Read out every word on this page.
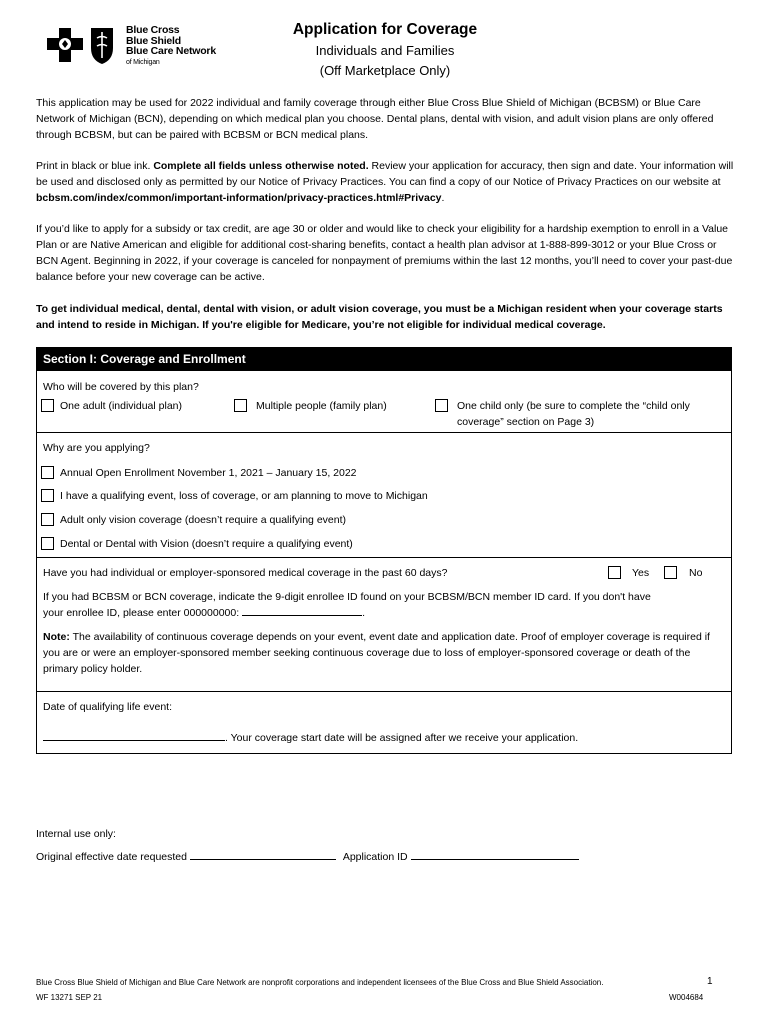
Blue Cross
Blue Shield
Blue Care Network
of Michigan
Application for Coverage
Individuals and Families
(Off Marketplace Only)
This application may be used for 2022 individual and family coverage through either Blue Cross Blue Shield of Michigan (BCBSM) or Blue Care Network of Michigan (BCN), depending on which medical plan you choose. Dental plans, dental with vision, and adult vision plans are only offered through BCBSM, but can be paired with BCBSM or BCN medical plans.
Print in black or blue ink. Complete all fields unless otherwise noted. Review your application for accuracy, then sign and date. Your information will be used and disclosed only as permitted by our Notice of Privacy Practices. You can find a copy of our Notice of Privacy Practices on our website at bcbsm.com/index/common/important-information/privacy-practices.html#Privacy.
If you’d like to apply for a subsidy or tax credit, are age 30 or older and would like to check your eligibility for a hardship exemption to enroll in a Value Plan or are Native American and eligible for additional cost-sharing benefits, contact a health plan advisor at 1-888-899-3012 or your Blue Cross or BCN Agent. Beginning in 2022, if your coverage is canceled for nonpayment of premiums within the last 12 months, you’ll need to cover your past-due balance before your new coverage can be active.
To get individual medical, dental, dental with vision, or adult vision coverage, you must be a Michigan resident when your coverage starts and intend to reside in Michigan. If you're eligible for Medicare, you’re not eligible for individual medical coverage.
Section I: Coverage and Enrollment
Who will be covered by this plan?
One adult (individual plan)	Multiple people (family plan)	One child only (be sure to complete the “child only
coverage” section on Page 3)
Why are you applying?
Annual Open Enrollment November 1, 2021 – January 15, 2022
I have a qualifying event, loss of coverage, or am planning to move to Michigan
Adult only vision coverage (doesn’t require a qualifying event)
Dental or Dental with Vision (doesn’t require a qualifying event)
Have you had individual or employer-sponsored medical coverage in the past 60 days?	Yes	No
If you had BCBSM or BCN coverage, indicate the 9-digit enrollee ID found on your BCBSM/BCN member ID card. If you don't have
your enrollee ID, please enter 000000000:	.
Note: The availability of continuous coverage depends on your event, event date and application date. Proof of employer coverage is required if you are or were an employer-sponsored member seeking continuous coverage due to loss of employer-sponsored coverage or death of the primary policy holder.
Date of qualifying life event:
. Your coverage start date will be assigned after we receive your application.
Internal use only:
Original effective date requested	Application ID
Blue Cross Blue Shield of Michigan and Blue Care Network are nonprofit corporations and independent licensees of the Blue Cross and Blue Shield Association.	1
WF 13271 SEP 21	W004684
